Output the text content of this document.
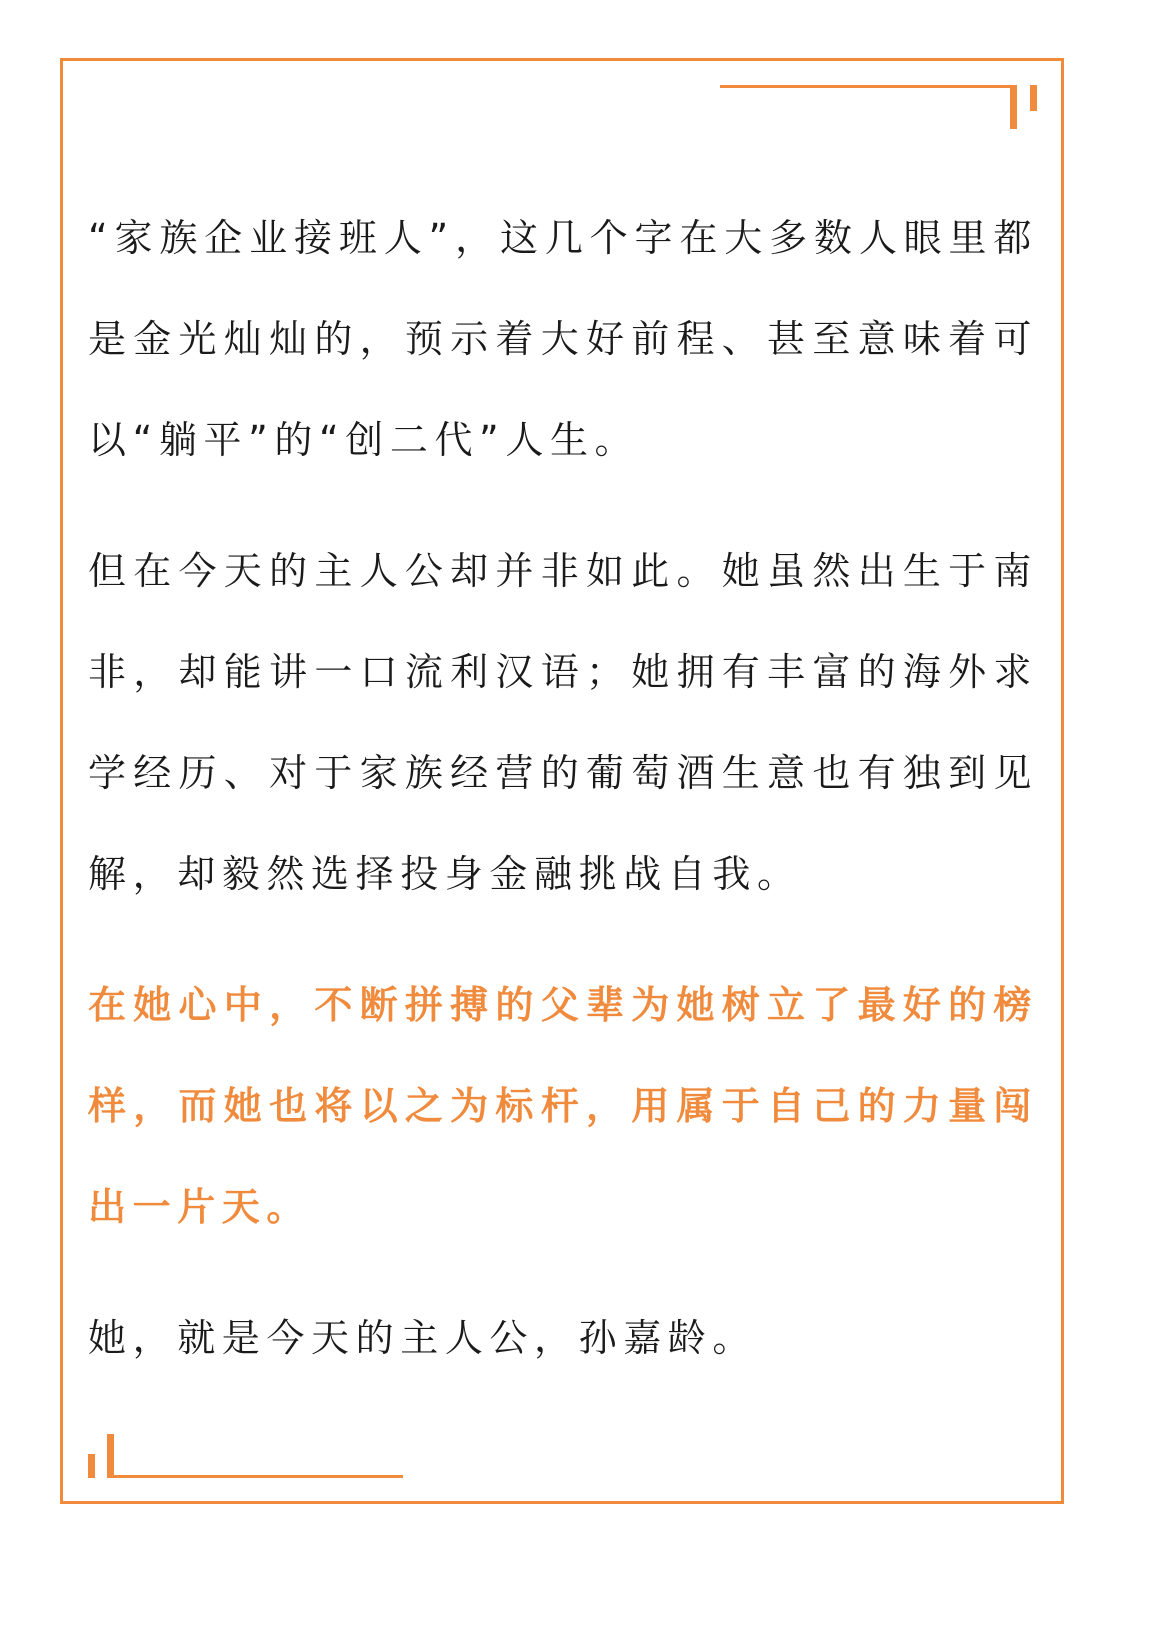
“家族企业接班人”，这几个字在大多数人眼里都是金光灿灿的，预示着大好前程、甚至意味着可以“躺平”的“创二代”人生。

但在今天的主人公却并非如此。她虽然出生于南非，却能讲一口流利汉语；她拥有丰富的海外求学经历、对于家族经营的葡萄酒生意也有独到见解，却毅然选择投身金融挑战自我。

在她心中，不断拼搏的父辈为她树立了最好的榜样，而她也将以之为标杆，用属于自己的力量闯出一片天。

她，就是今天的主人公，孙嘉龄。
